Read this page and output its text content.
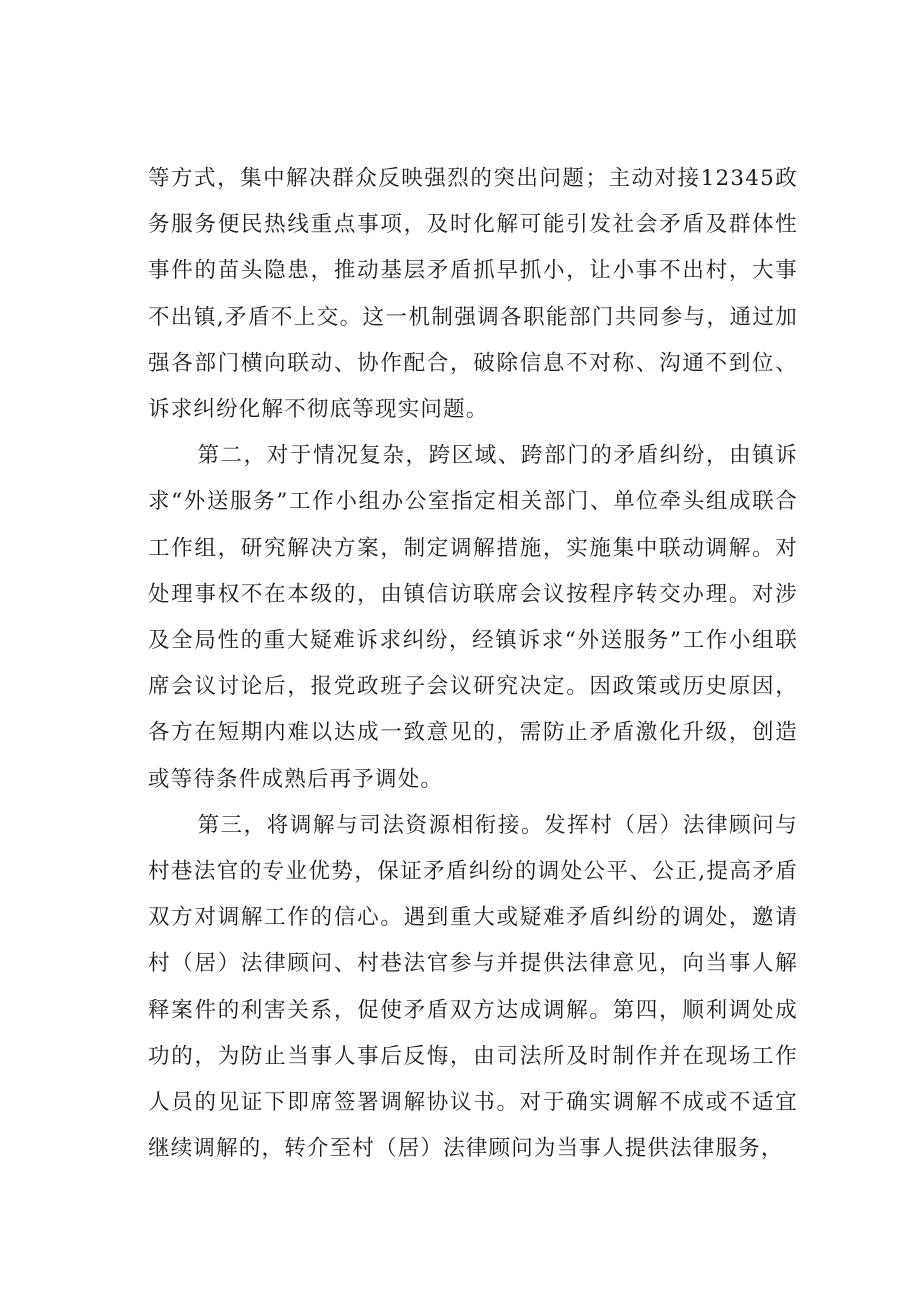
等方式，集中解决群众反映强烈的突出问题；主动对接12345政务服务便民热线重点事项，及时化解可能引发社会矛盾及群体性事件的苗头隐患，推动基层矛盾抓早抓小，让小事不出村，大事不出镇,矛盾不上交。这一机制强调各职能部门共同参与，通过加强各部门横向联动、协作配合，破除信息不对称、沟通不到位、诉求纠纷化解不彻底等现实问题。

第二，对于情况复杂，跨区域、跨部门的矛盾纠纷，由镇诉求“外送服务”工作小组办公室指定相关部门、单位牵头组成联合工作组，研究解决方案，制定调解措施，实施集中联动调解。对处理事权不在本级的，由镇信访联席会议按程序转交办理。对涉及全局性的重大疑难诉求纠纷，经镇诉求“外送服务”工作小组联席会议讨论后，报党政班子会议研究决定。因政策或历史原因，各方在短期内难以达成一致意见的，需防止矛盾激化升级，创造或等待条件成熟后再予调处。

第三，将调解与司法资源相衔接。发挥村（居）法律顾问与村巷法官的专业优势，保证矛盾纠纷的调处公平、公正,提高矛盾双方对调解工作的信心。遇到重大或疑难矛盾纠纷的调处，邀请村（居）法律顾问、村巷法官参与并提供法律意见，向当事人解释案件的利害关系，促使矛盾双方达成调解。第四，顺利调处成功的，为防止当事人事后反悔，由司法所及时制作并在现场工作人员的见证下即席签署调解协议书。对于确实调解不成或不适宜继续调解的，转介至村（居）法律顾问为当事人提供法律服务，
